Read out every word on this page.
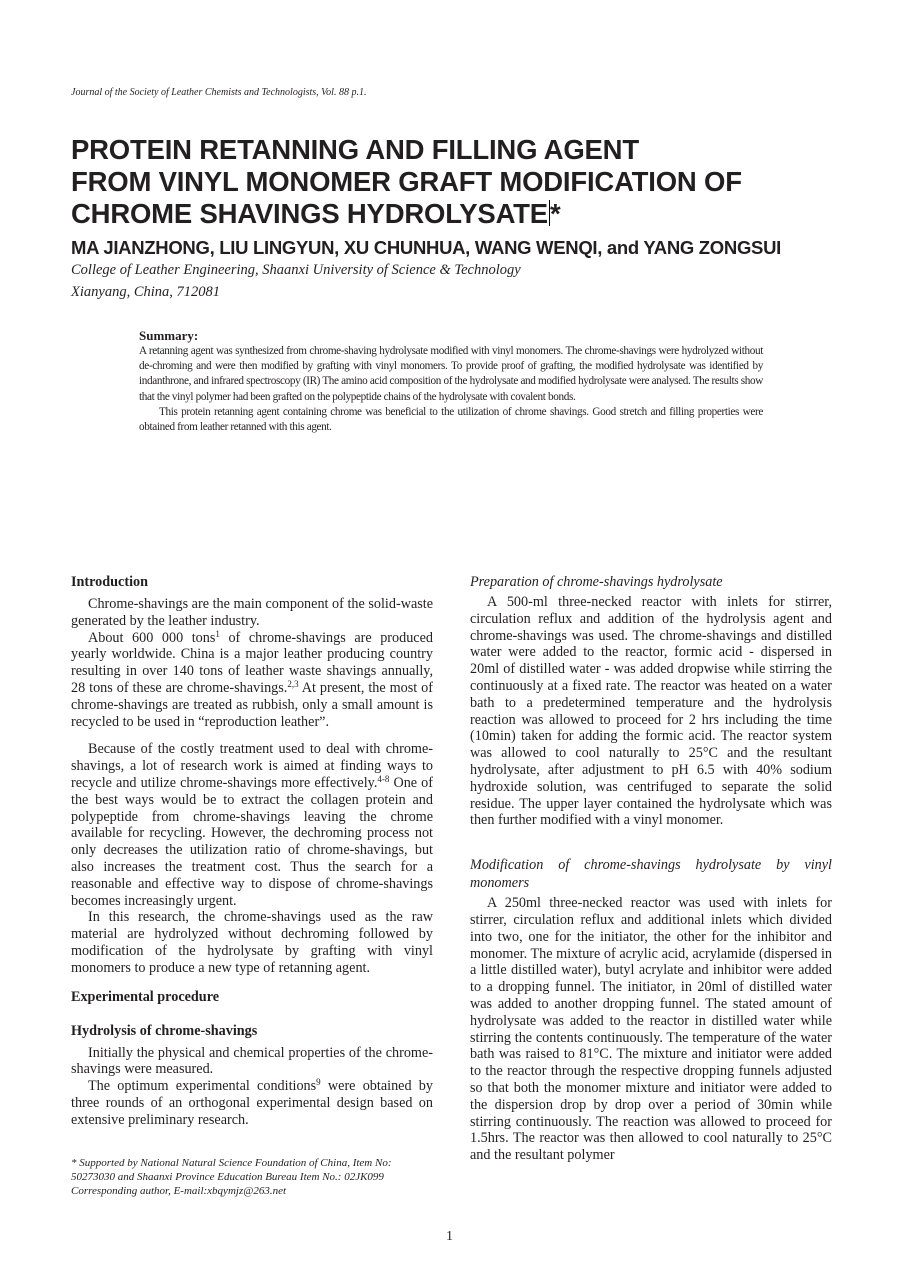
Journal of the Society of Leather Chemists and Technologists, Vol. 88 p.1.
PROTEIN RETANNING AND FILLING AGENT
FROM VINYL MONOMER GRAFT MODIFICATION OF
CHROME SHAVINGS HYDROLYSATE*
MA JIANZHONG, LIU LINGYUN, XU CHUNHUA, WANG WENQI, and YANG ZONGSUI
College of Leather Engineering, Shaanxi University of Science & Technology
Xianyang, China, 712081
Summary:

A retanning agent was synthesized from chrome-shaving hydrolysate modified with vinyl monomers. The chrome-shavings were hydrolyzed without de-chroming and were then modified by grafting with vinyl monomers. To provide proof of grafting, the modified hydrolysate was identified by indanthrone, and infrared spectroscopy (IR) The amino acid composition of the hydrolysate and modified hydrolysate were analysed. The results show that the vinyl polymer had been grafted on the polypeptide chains of the hydrolysate with covalent bonds.

This protein retanning agent containing chrome was beneficial to the utilization of chrome shavings. Good stretch and filling properties were obtained from leather retanned with this agent.

Introduction

Chrome-shavings are the main component of the solid-waste generated by the leather industry.

About 600 000 tons$^1$ of chrome-shavings are produced yearly worldwide. China is a major leather producing country resulting in over 140 tons of leather waste shavings annually, 28 tons of these are chrome-shavings.$^{2,3}$ At present, the most of chrome-shavings are treated as rubbish, only a small amount is recycled to be used in “reproduction leather”.

Because of the costly treatment used to deal with chrome-shavings, a lot of research work is aimed at finding ways to recycle and utilize chrome-shavings more effectively.$^{4-8}$ One of the best ways would be to extract the collagen protein and polypeptide from chrome-shavings leaving the chrome available for recycling. However, the dechroming process not only decreases the utilization ratio of chrome-shavings, but also increases the treatment cost. Thus the search for a reasonable and effective way to dispose of chrome-shavings becomes increasingly urgent.

In this research, the chrome-shavings used as the raw material are hydrolyzed without dechroming followed by modification of the hydrolysate by grafting with vinyl monomers to produce a new type of retanning agent.

Experimental procedure
Hydrolysis of chrome-shavings

Initially the physical and chemical properties of the chrome-shavings were measured.

The optimum experimental conditions$^9$ were obtained by three rounds of an orthogonal experimental design based on extensive preliminary research.

Preparation of chrome-shavings hydrolysate

A 500-ml three-necked reactor with inlets for stirrer, circulation reflux and addition of the hydrolysis agent and chrome-shavings was used. The chrome-shavings and distilled water were added to the reactor, formic acid - dispersed in 20ml of distilled water - was added dropwise while stirring the continuously at a fixed rate. The reactor was heated on a water bath to a predetermined temperature and the hydrolysis reaction was allowed to proceed for 2 hrs including the time (10min) taken for adding the formic acid. The reactor system was allowed to cool naturally to 25°C and the resultant hydrolysate, after adjustment to pH 6.5 with 40% sodium hydroxide solution, was centrifuged to separate the solid residue. The upper layer contained the hydrolysate which was then further modified with a vinyl monomer.

Modification of chrome-shavings hydrolysate by vinyl monomers

A 250ml three-necked reactor was used with inlets for stirrer, circulation reflux and additional inlets which divided into two, one for the initiator, the other for the inhibitor and monomer. The mixture of acrylic acid, acrylamide (dispersed in a little distilled water), butyl acrylate and inhibitor were added to a dropping funnel. The initiator, in 20ml of distilled water was added to another dropping funnel. The stated amount of hydrolysate was added to the reactor in distilled water while stirring the contents continuously. The temperature of the water bath was raised to 81°C. The mixture and initiator were added to the reactor through the respective dropping funnels adjusted so that both the monomer mixture and initiator were added to the dispersion drop by drop over a period of 30min while stirring continuously. The reaction was allowed to proceed for 1.5hrs. The reactor was then allowed to cool naturally to 25°C and the resultant polymer

* Supported by National Natural Science Foundation of China, Item No:
50273030 and Shaanxi Province Education Bureau Item No.: 02JK099
Corresponding author, E-mail:xbqymjz@263.net
1
